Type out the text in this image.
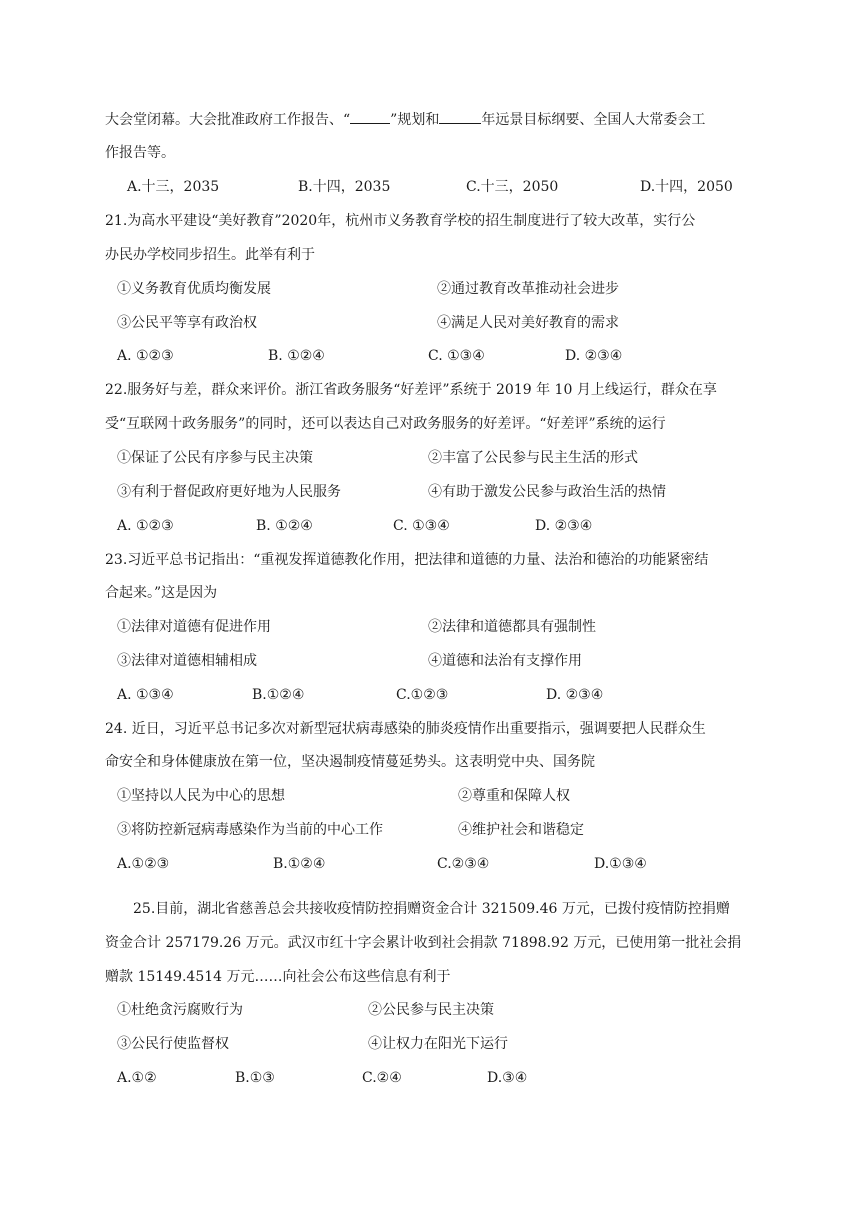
大会堂闭幕。大会批准政府工作报告、“	”规划和	年远景目标纲要、全国人大常委会工
作报告等。
A.十三，2035	B.十四，2035	C.十三，2050	D.十四，2050
21.为高水平建设“美好教育”2020年，杭州市义务教育学校的招生制度进行了较大改革，实行公
办民办学校同步招生。此举有利于
①义务教育优质均衡发展	②通过教育改革推动社会进步
③公民平等享有政治权	④满足人民对美好教育的需求
A. ①②③	B. ①②④	C. ①③④	D. ②③④
22.服务好与差，群众来评价。浙江省政务服务“好差评”系统于 2019 年 10 月上线运行，群众在享
受“互联网十政务服务”的同时，还可以表达自己对政务服务的好差评。“好差评”系统的运行
①保证了公民有序参与民主决策	②丰富了公民参与民主生活的形式
③有利于督促政府更好地为人民服务	④有助于激发公民参与政治生活的热情
A. ①②③	B. ①②④	C. ①③④	D. ②③④
23.习近平总书记指出：“重视发挥道德教化作用，把法律和道德的力量、法治和德治的功能紧密结
合起来。”这是因为
①法律对道德有促进作用	②法律和道德都具有强制性
③法律对道德相辅相成	④道德和法治有支撑作用
A. ①③④	B.①②④	C.①②③	D. ②③④
24. 近日，习近平总书记多次对新型冠状病毒感染的肺炎疫情作出重要指示，强调要把人民群众生
命安全和身体健康放在第一位，坚决遏制疫情蔓延势头。这表明党中央、国务院
①坚持以人民为中心的思想	②尊重和保障人权
③将防控新冠病毒感染作为当前的中心工作	④维护社会和谐稳定
A.①②③	B.①②④	C.②③④	D.①③④
25.目前，湖北省慈善总会共接收疫情防控捐赠资金合计 321509.46 万元，已拨付疫情防控捐赠
资金合计 257179.26 万元。武汉市红十字会累计收到社会捐款 71898.92 万元，已使用第一批社会捐
赠款 15149.4514 万元……向社会公布这些信息有利于
①杜绝贪污腐败行为	②公民参与民主决策
③公民行使监督权	④让权力在阳光下运行
A.①②	B.①③	C.②④	D.③④
